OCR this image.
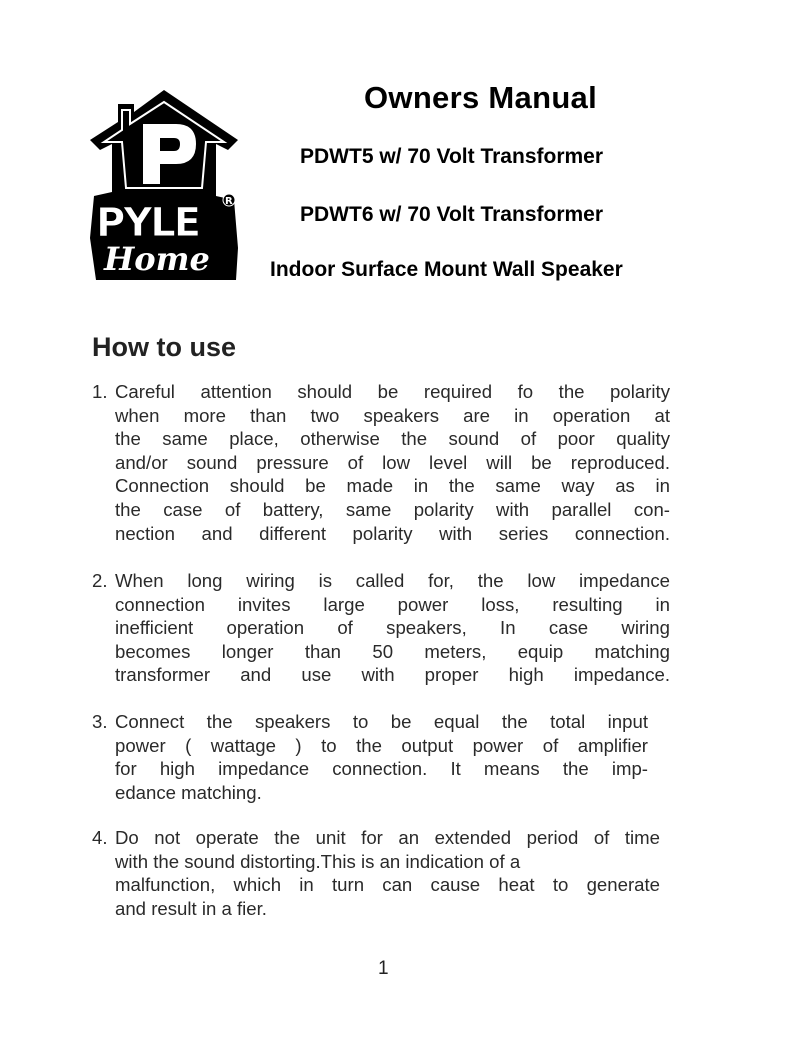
PYLE	R
Home
Owners Manual
PDWT5 w/ 70 Volt Transformer
PDWT6 w/ 70 Volt Transformer
Indoor Surface Mount Wall Speaker
How to use
1. Careful attention should be required fo the polarity
when more than two speakers are in operation at
the same place, otherwise the sound of poor quality
and/or sound pressure of low level will be reproduced.
Connection should be made in the same way as in
the case of battery, same polarity with parallel con-
nection and different polarity with series connection.
2. When long wiring is called for, the low impedance
connection invites large power loss, resulting in
inefficient operation of speakers, In case wiring
becomes longer than 50 meters, equip matching
transformer and use with proper high impedance.
3. Connect the speakers to be equal the total input
power ( wattage ) to the output power of amplifier
for high impedance connection. It means the imp-
edance matching.
4. Do not operate the unit for an extended period of time
with the sound distorting.This is an indication of a
malfunction, which in turn can cause heat to generate
and result in a fier.
1
